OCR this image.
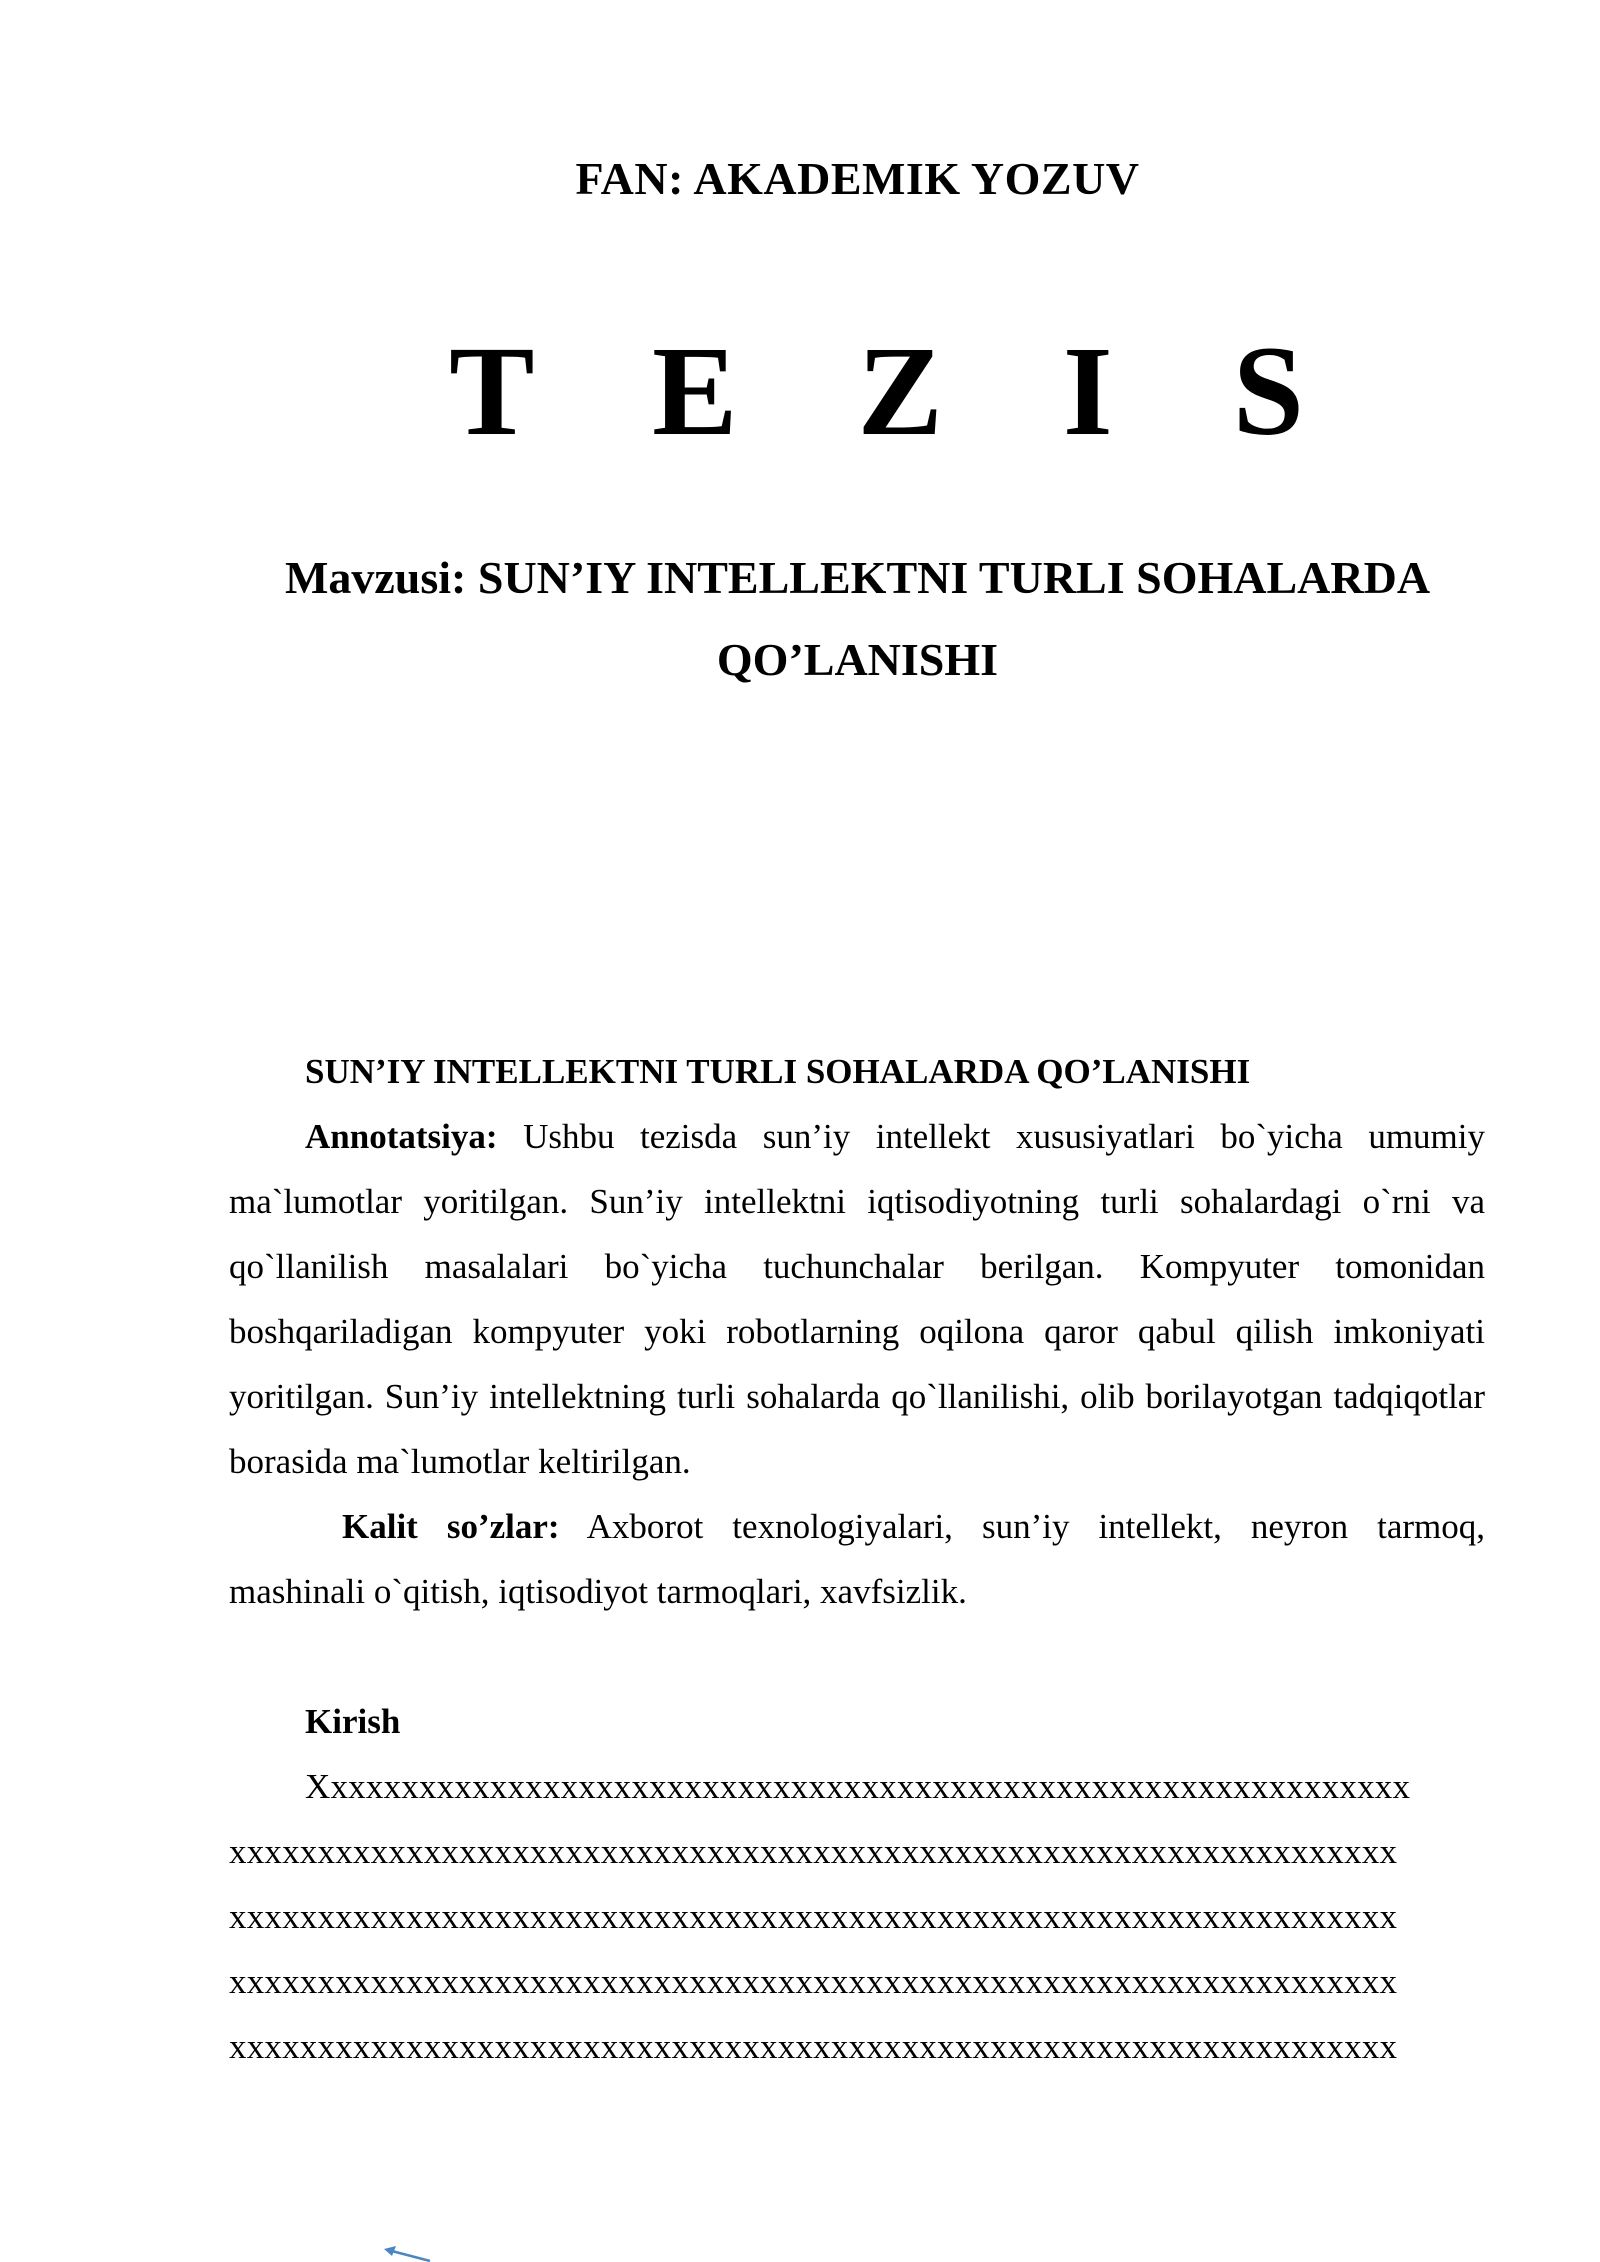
FAN: AKADEMIK YOZUV
T E Z I S
Mavzusi: SUN’IY INTELLEKTNI TURLI SOHALARDA
QO’LANISHI

SUN’IY INTELLEKTNI TURLI SOHALARDA QO’LANISHI

Annotatsiya: Ushbu tezisda sun’iy intellekt xususiyatlari bo`yicha umumiy ma`lumotlar yoritilgan. Sun’iy intellektni iqtisodiyotning turli sohalardagi o`rni va qo`llanilish masalalari bo`yicha tuchunchalar berilgan. Kompyuter tomonidan boshqariladigan kompyuter yoki robotlarning oqilona qaror qabul qilish imkoniyati yoritilgan. Sun’iy intellektning turli sohalarda qo`llanilishi, olib borilayotgan tadqiqotlar borasida ma`lumotlar keltirilgan.

Kalit so’zlar: Axborot texnologiyalari, sun’iy intellekt, neyron tarmoq, mashinali o`qitish, iqtisodiyot tarmoqlari, xavfsizlik.

Kirish

Xxxxxxxxxxxxxxxxxxxxxxxxxxxxxxxxxxxxxxxxxxxxxxxxxxxxxxxxxxxxxx

xxxxxxxxxxxxxxxxxxxxxxxxxxxxxxxxxxxxxxxxxxxxxxxxxxxxxxxxxxxxxxxxxx

xxxxxxxxxxxxxxxxxxxxxxxxxxxxxxxxxxxxxxxxxxxxxxxxxxxxxxxxxxxxxxxxxx

xxxxxxxxxxxxxxxxxxxxxxxxxxxxxxxxxxxxxxxxxxxxxxxxxxxxxxxxxxxxxxxxxx

xxxxxxxxxxxxxxxxxxxxxxxxxxxxxxxxxxxxxxxxxxxxxxxxxxxxxxxxxxxxxxxxxx
